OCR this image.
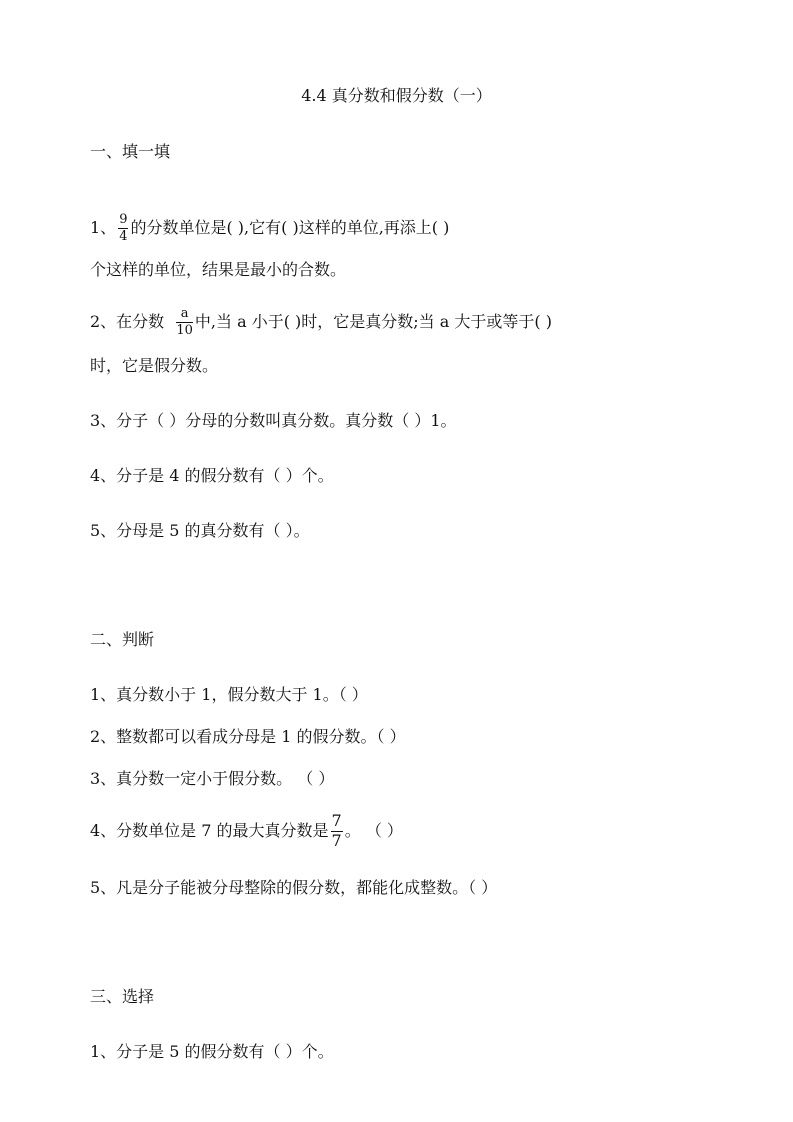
4.4 真分数和假分数（一）
一、填一填
1、 $\frac{9}{4}$ 的分数单位是( ),它有( )这样的单位,再添上( )
个这样的单位，结果是最小的合数。
2、在分数 $\frac{a}{10}$ 中,当 a 小于( )时，它是真分数;当 a 大于或等于( )
时，它是假分数。
3、分子（ ）分母的分数叫真分数。真分数（ ）1。
4、分子是 4 的假分数有（ ）个。
5、分母是 5 的真分数有（ ）。
二、判断
1、真分数小于 1，假分数大于 1。（ ）
2、整数都可以看成分母是 1 的假分数。（ ）
3、真分数一定小于假分数。 （ ）
4、分数单位是 7 的最大真分数是 $\frac{7}{7}$ 。 （ ）
5、凡是分子能被分母整除的假分数，都能化成整数。（ ）
三、选择
1、分子是 5 的假分数有（ ）个。
